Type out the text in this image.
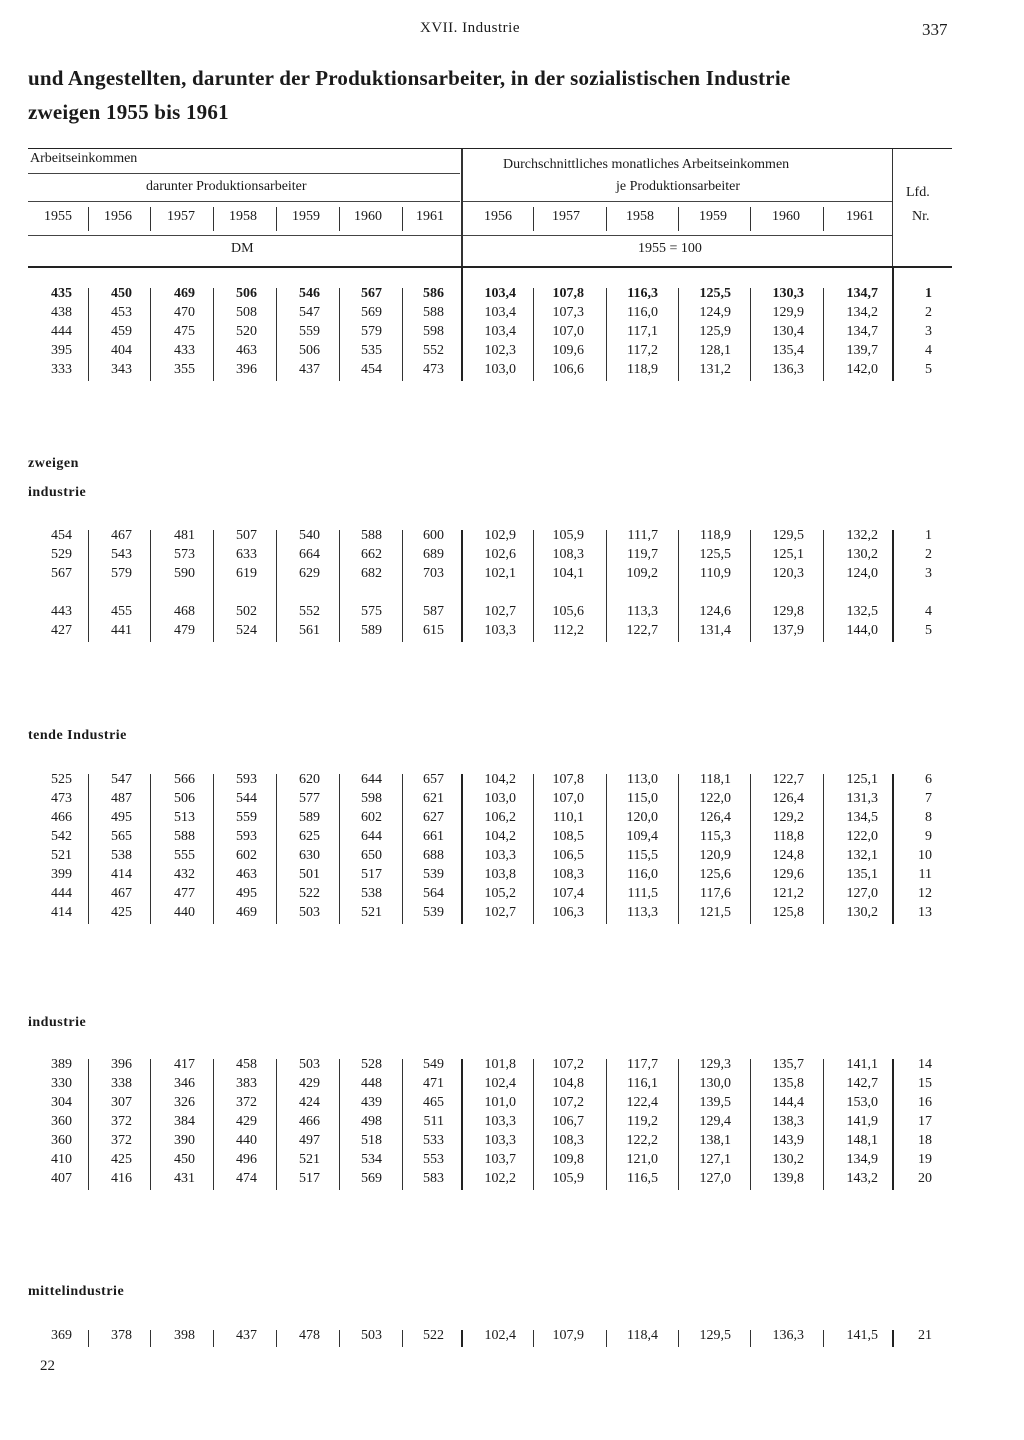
XVII. Industrie	337
und Angestellten, darunter der Produktionsarbeiter, in der sozialistischen Industrie
zweigen 1955 bis 1961
Arbeitseinkommen
darunter Produktionsarbeiter
Durchschnittliches monatliches Arbeitseinkommen
je Produktionsarbeiter	Lfd.
Nr.
1955	1956	1957	1958	1959	1960	1961	1956	1957	1958	1959	1960	1961
DM	1955 = 100
435	450	469	506	546	567	586	103,4	107,8	116,3	125,5	130,3	134,7	1
438	453	470	508	547	569	588	103,4	107,3	116,0	124,9	129,9	134,2	2
444	459	475	520	559	579	598	103,4	107,0	117,1	125,9	130,4	134,7	3
395	404	433	463	506	535	552	102,3	109,6	117,2	128,1	135,4	139,7	4
333	343	355	396	437	454	473	103,0	106,6	118,9	131,2	136,3	142,0	5
zweigen
industrie
454	467	481	507	540	588	600	102,9	105,9	111,7	118,9	129,5	132,2	1
529	543	573	633	664	662	689	102,6	108,3	119,7	125,5	125,1	130,2	2
567	579	590	619	629	682	703	102,1	104,1	109,2	110,9	120,3	124,0	3
443	455	468	502	552	575	587	102,7	105,6	113,3	124,6	129,8	132,5	4
427	441	479	524	561	589	615	103,3	112,2	122,7	131,4	137,9	144,0	5
tende Industrie
525	547	566	593	620	644	657	104,2	107,8	113,0	118,1	122,7	125,1	6
473	487	506	544	577	598	621	103,0	107,0	115,0	122,0	126,4	131,3	7
466	495	513	559	589	602	627	106,2	110,1	120,0	126,4	129,2	134,5	8
542	565	588	593	625	644	661	104,2	108,5	109,4	115,3	118,8	122,0	9
521	538	555	602	630	650	688	103,3	106,5	115,5	120,9	124,8	132,1	10
399	414	432	463	501	517	539	103,8	108,3	116,0	125,6	129,6	135,1	11
444	467	477	495	522	538	564	105,2	107,4	111,5	117,6	121,2	127,0	12
414	425	440	469	503	521	539	102,7	106,3	113,3	121,5	125,8	130,2	13
industrie
389	396	417	458	503	528	549	101,8	107,2	117,7	129,3	135,7	141,1	14
330	338	346	383	429	448	471	102,4	104,8	116,1	130,0	135,8	142,7	15
304	307	326	372	424	439	465	101,0	107,2	122,4	139,5	144,4	153,0	16
360	372	384	429	466	498	511	103,3	106,7	119,2	129,4	138,3	141,9	17
360	372	390	440	497	518	533	103,3	108,3	122,2	138,1	143,9	148,1	18
410	425	450	496	521	534	553	103,7	109,8	121,0	127,1	130,2	134,9	19
407	416	431	474	517	569	583	102,2	105,9	116,5	127,0	139,8	143,2	20
mittelindustrie
369	378	398	437	478	503	522	102,4	107,9	118,4	129,5	136,3	141,5	21
22
